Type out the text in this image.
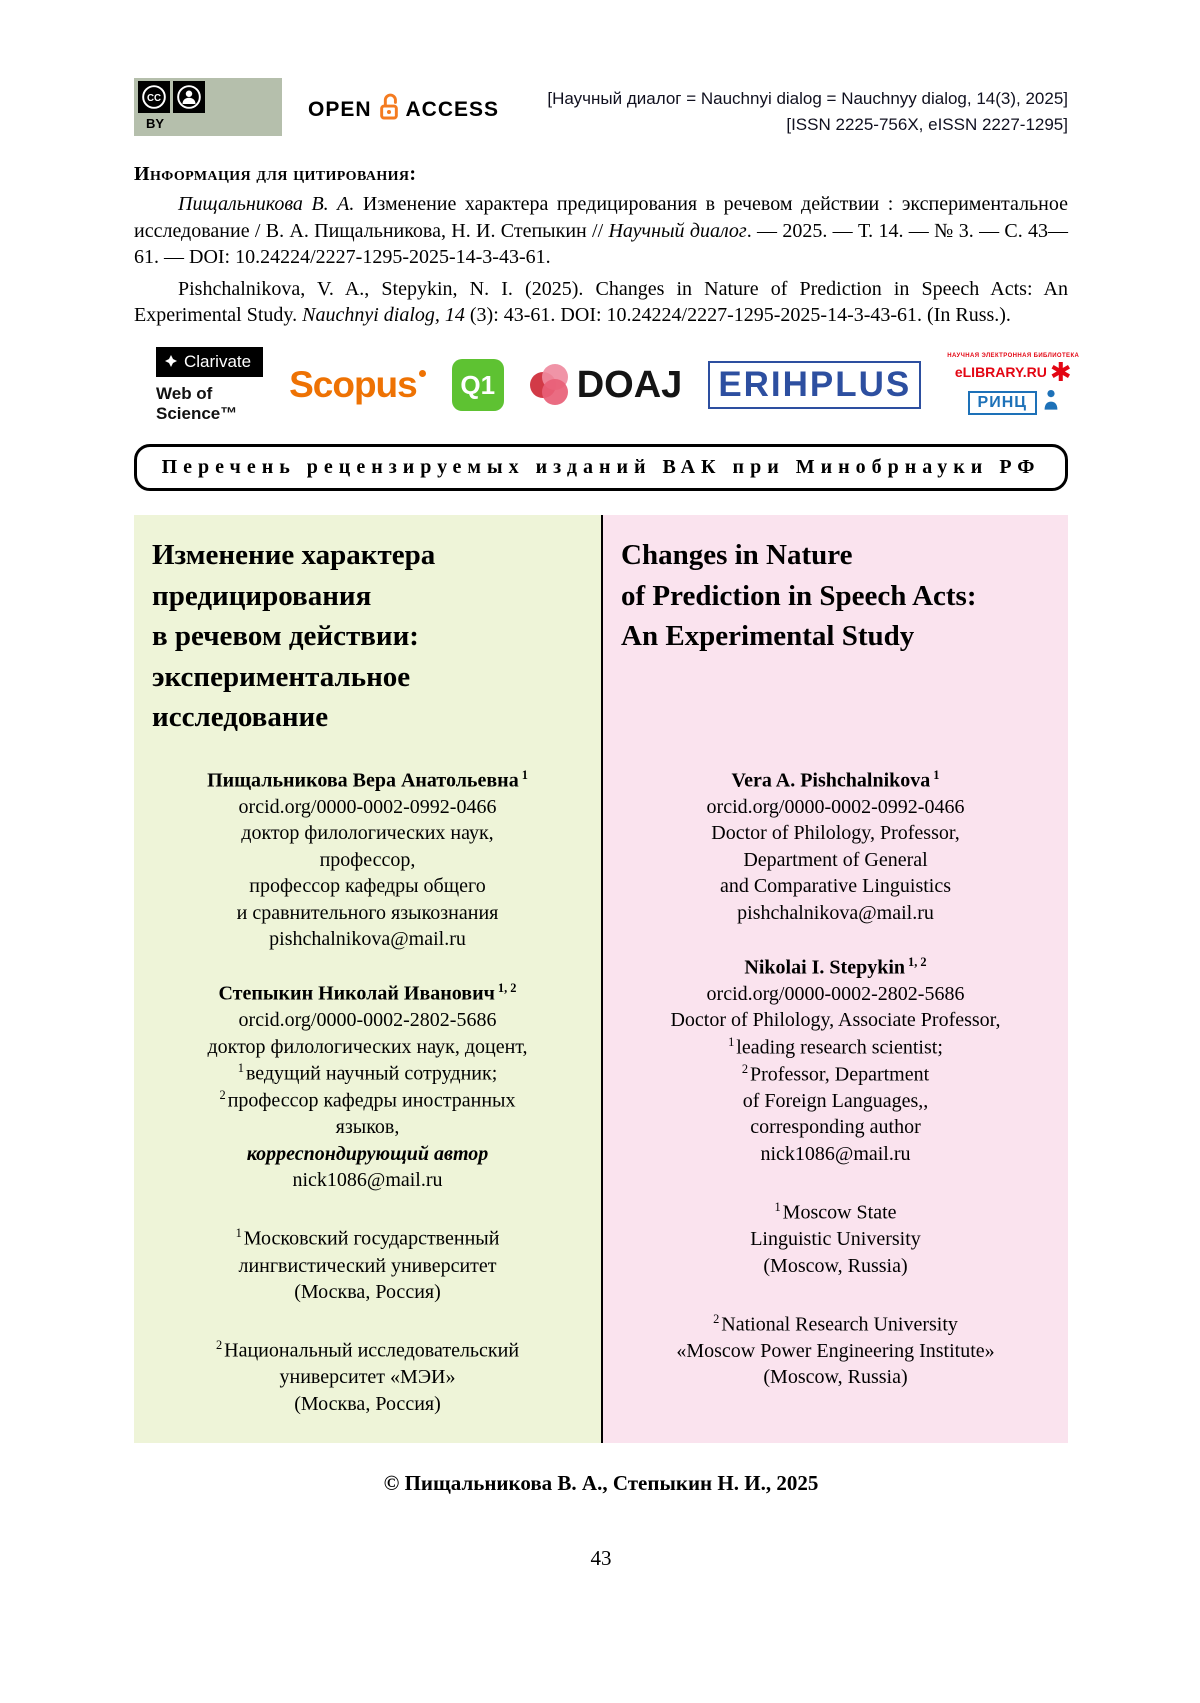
CC
BY
OPEN ACCESS	[Научный диалог = Nauchnyi dialog = Nauchnyy dialog, 14(3), 2025]
[ISSN 2225-756X, eISSN 2227-1295]
Информация для цитирования:

Пищальникова В. А. Изменение характера предицирования в речевом действии : экспериментальное исследование / В. А. Пищальникова, Н. И. Степыкин // Научный диалог. — 2025. — Т. 14. — № 3. — С. 43—61. — DOI: 10.24224/2227-1295-2025-14-3-43-61.

Pishchalnikova, V. A., Stepykin, N. I. (2025). Changes in Nature of Prediction in Speech Acts: An Experimental Study. Nauchnyi dialog, 14 (3): 43-61. DOI: 10.24224/2227-1295-2025-14-3-43-61. (In Russ.).

Clarivate
Web of Science™
Scopus	Q1 DOAJ ERIHPLUS
НАУЧНАЯ ЭЛЕКТРОННАЯ БИБЛИОТЕКА
eLIBRARY.RU ✱
РИНЦ
Перечень рецензируемых изданий ВАК при Минобрнауки РФ
Изменение характера
предицирования
в речевом действии:
экспериментальное
исследование
Пищальникова Вера Анатольевна $^1$
orcid.org/0000-0002-0992-0466
доктор филологических наук,
профессор,
профессор кафедры общего
и сравнительного языкознания
pishchalnikova@mail.ru
Степыкин Николай Иванович $^{1, 2}$
orcid.org/0000-0002-2802-5686
доктор филологических наук, доцент,
$^1$ ведущий научный сотрудник;
$^2$ профессор кафедры иностранных
языков,
корреспондирующий автор
nick1086@mail.ru
$^1$ Московский государственный
лингвистический университет
(Москва, Россия)
$^2$ Национальный исследовательский
университет «МЭИ»
(Москва, Россия)
Changes in Nature
of Prediction in Speech Acts:
An Experimental Study
Vera A. Pishchalnikova $^1$
orcid.org/0000-0002-0992-0466
Doctor of Philology, Professor,
Department of General
and Comparative Linguistics
pishchalnikova@mail.ru
Nikolai I. Stepykin $^{1, 2}$
orcid.org/0000-0002-2802-5686
Doctor of Philology, Associate Professor,
$^1$ leading research scientist;
$^2$ Professor, Department
of Foreign Languages,,
corresponding author
nick1086@mail.ru
$^1$ Moscow State
Linguistic University
(Moscow, Russia)
$^2$ National Research University
«Moscow Power Engineering Institute»
(Moscow, Russia)
© Пищальникова В. А., Степыкин Н. И., 2025
43
